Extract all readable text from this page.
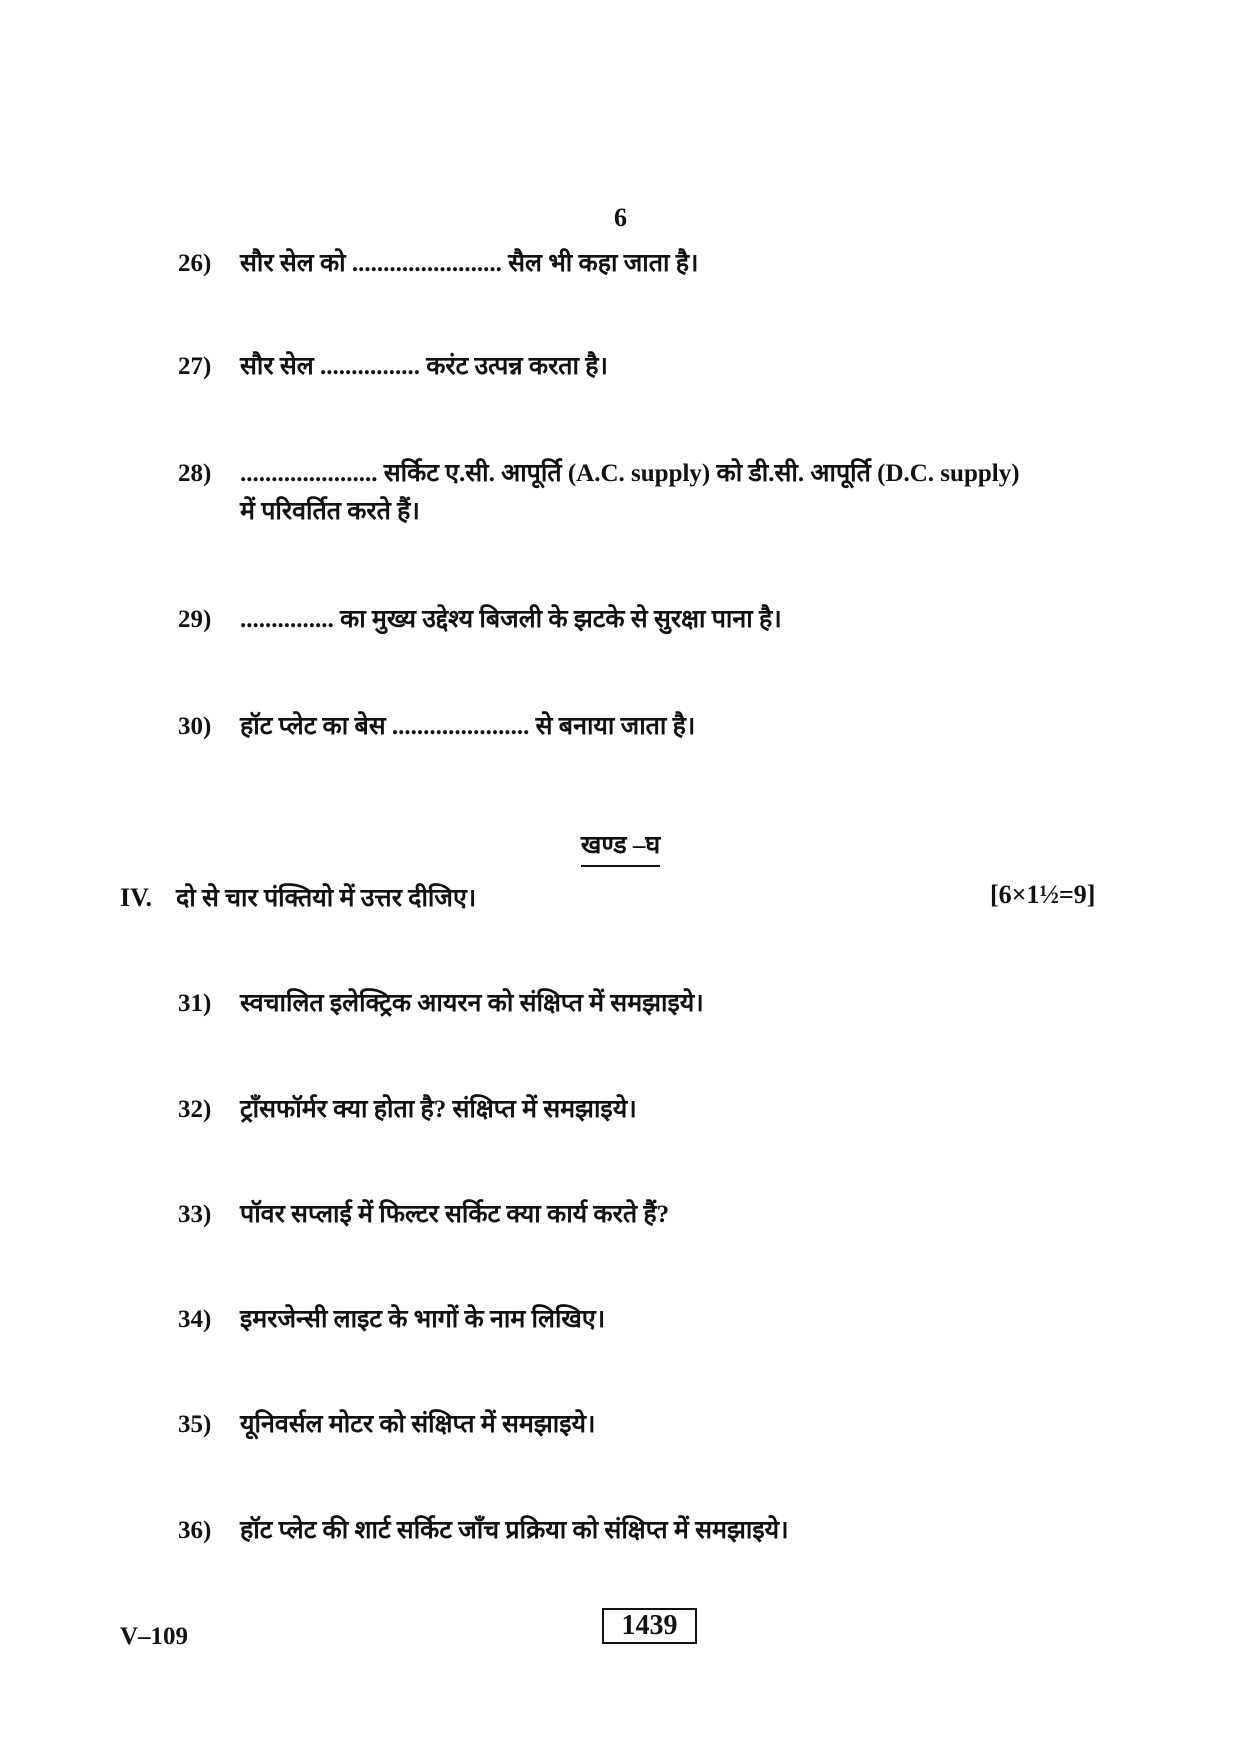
6
26) सौर सेल को ........................ सैल भी कहा जाता है।
27) सौर सेल ................ करंट उत्पन्न करता है।
28) ...................... सर्किट ए.सी. आपूर्ति (A.C. supply) को डी.सी. आपूर्ति (D.C. supply)
में परिवर्तित करते हैं।
29) ............... का मुख्य उद्देश्य बिजली के झटके से सुरक्षा पाना है।
30) हॉट प्लेट का बेस ...................... से बनाया जाता है।
खण्ड –घ
IV. दो से चार पंक्तियो में उत्तर दीजिए।	[6×1½=9]
31) स्वचालित इलेक्ट्रिक आयरन को संक्षिप्त में समझाइये।
32) ट्रॉंसफॉर्मर क्या होता है? संक्षिप्त में समझाइये।
33) पॉवर सप्लाई में फिल्टर सर्किट क्या कार्य करते हैं?
34) इमरजेन्सी लाइट के भागों के नाम लिखिए।
35) यूनिवर्सल मोटर को संक्षिप्त में समझाइये।
36) हॉट प्लेट की शार्ट सर्किट जाँच प्रक्रिया को संक्षिप्त में समझाइये।
V–109	1439
